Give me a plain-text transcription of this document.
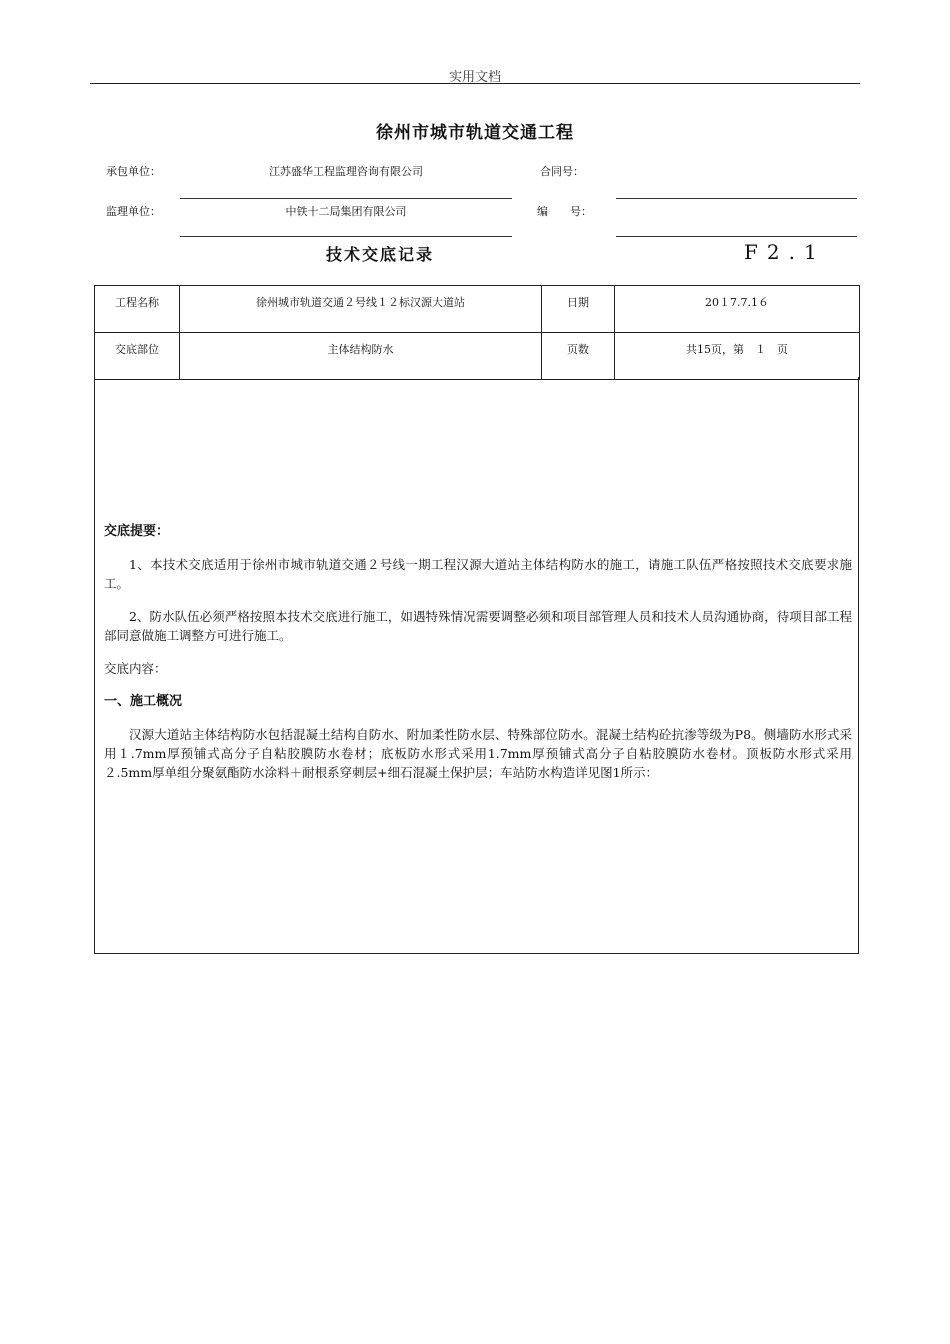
实用文档
徐州市城市轨道交通工程
承包单位：	江苏盛华工程监理咨询有限公司	合同号：
监理单位：	中铁十二局集团有限公司	编　　号：
技术交底记录	F2.1
工程名称	徐州城市轨道交通２号线１２标汉源大道站	日期	20１7.7.1６
交底部位	主体结构防水	页数	共15页，第　１　页

交底提要：

1、本技术交底适用于徐州市城市轨道交通２号线一期工程汉源大道站主体结构防水的施工，请施工队伍严格按照技术交底要求施工。

2、防水队伍必须严格按照本技术交底进行施工，如遇特殊情况需要调整必须和项目部管理人员和技术人员沟通协商，待项目部工程部同意做施工调整方可进行施工。

交底内容：

一、施工概况

汉源大道站主体结构防水包括混凝土结构自防水、附加柔性防水层、特殊部位防水。混凝土结构砼抗渗等级为P8。侧墙防水形式采用１.7mm厚预铺式高分子自粘胶膜防水卷材；底板防水形式采用1.7mm厚预铺式高分子自粘胶膜防水卷材。顶板防水形式采用２.5mm厚单组分聚氨酯防水涂料＋耐根系穿刺层+细石混凝土保护层；车站防水构造详见图1所示：
